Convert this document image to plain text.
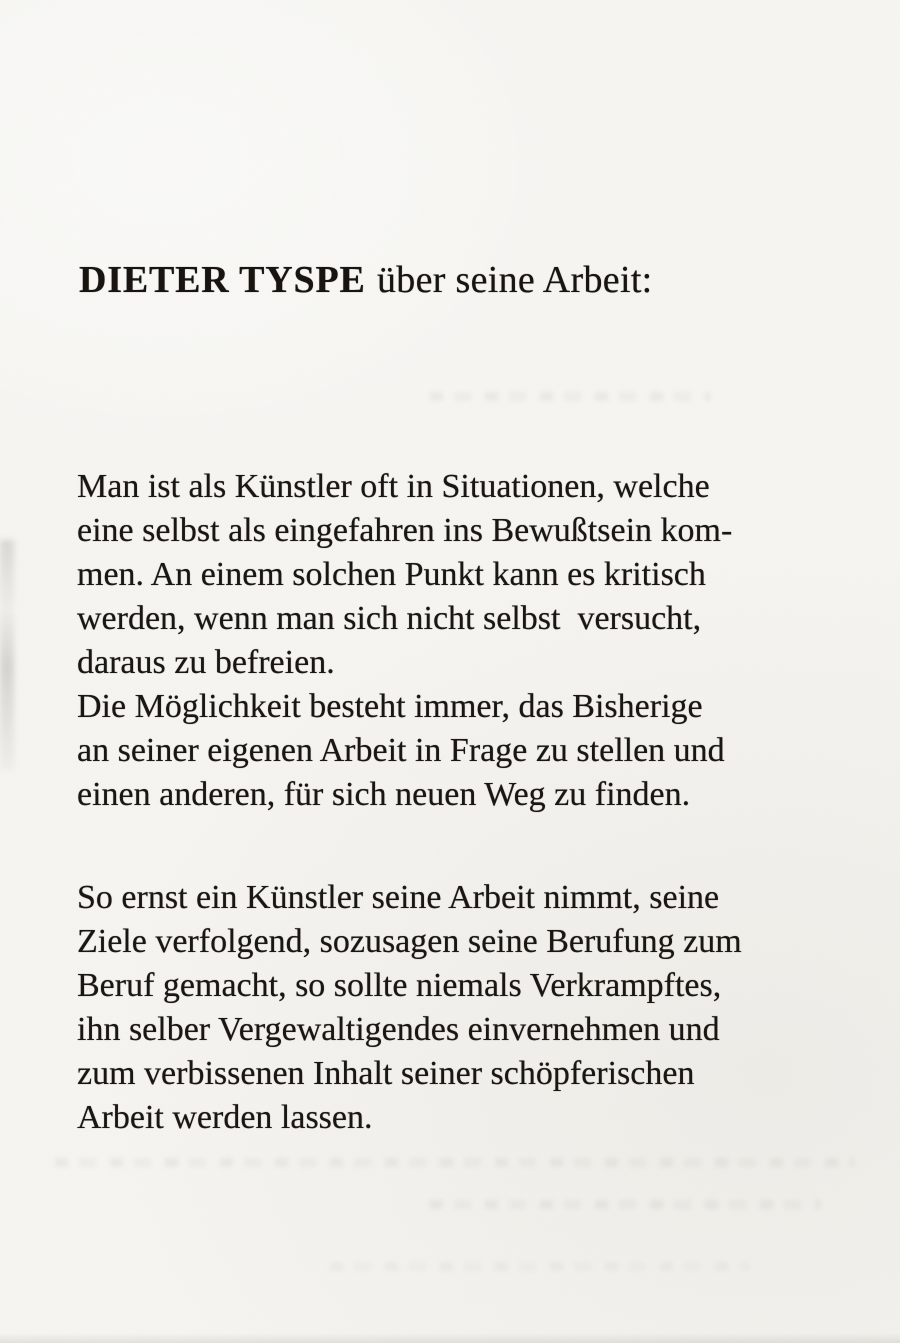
DIETER TYSPE über seine Arbeit:
Man ist als Künstler oft in Situationen, welche
eine selbst als eingefahren ins Bewußtsein kom-
men. An einem solchen Punkt kann es kritisch
werden, wenn man sich nicht selbst  versucht,
daraus zu befreien.
Die Möglichkeit besteht immer, das Bisherige
an seiner eigenen Arbeit in Frage zu stellen und
einen anderen, für sich neuen Weg zu finden.
So ernst ein Künstler seine Arbeit nimmt, seine
Ziele verfolgend, sozusagen seine Berufung zum
Beruf gemacht, so sollte niemals Verkrampftes,
ihn selber Vergewaltigendes einvernehmen und
zum verbissenen Inhalt seiner schöpferischen
Arbeit werden lassen.
